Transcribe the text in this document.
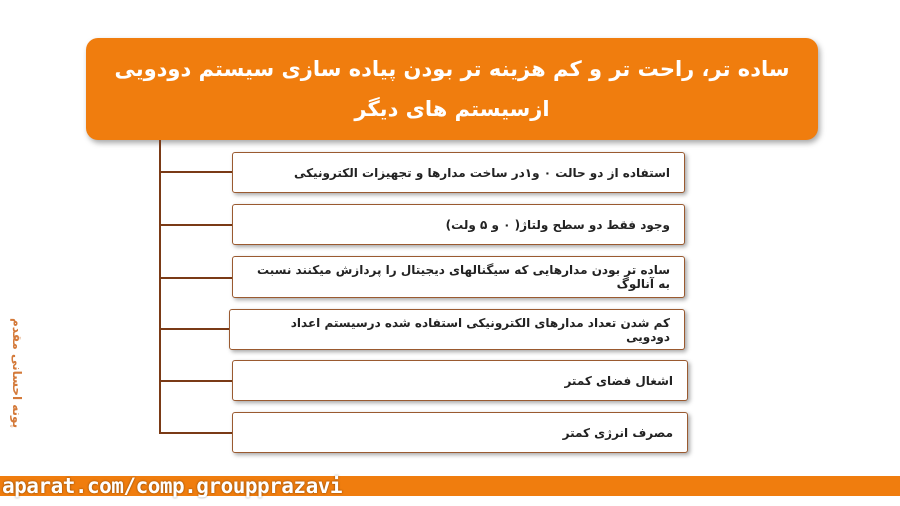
ساده تر، راحت تر و کم هزینه تر بودن پیاده سازی سیستم دودویی ازسیستم های دیگر
استفاده از دو حالت ۰ و۱در ساخت مدارها و تجهیزات الکترونیکی
وجود فقط دو سطح ولتاژ( ۰ و ۵ ولت)
ساده تر بودن مدارهایی که سیگنالهای دیجیتال را پردازش میکنند نسبت به آنالوگ
کم شدن تعداد مدارهای الکترونیکی استفاده شده درسیستم اعداد دودویی
اشغال فضای کمتر
مصرف انرژی کمتر
پونه احسانی مقدم
aparat.com/comp.groupprazavi
